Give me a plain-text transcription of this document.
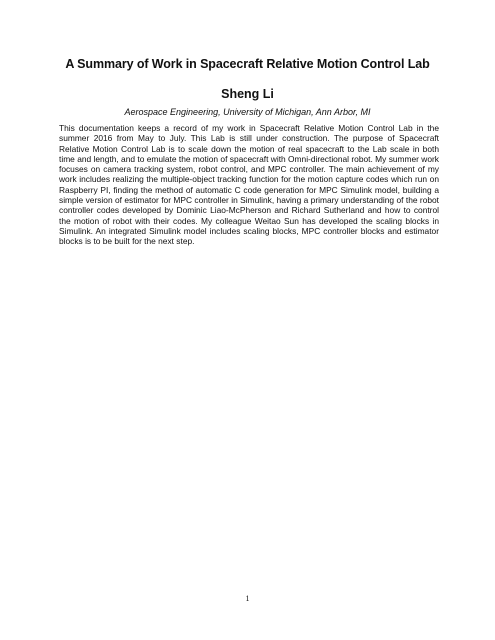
A Summary of Work in Spacecraft Relative Motion Control Lab
Sheng Li
Aerospace Engineering, University of Michigan, Ann Arbor, MI

This documentation keeps a record of my work in Spacecraft Relative Motion Control Lab in the summer 2016 from May to July. This Lab is still under construction. The purpose of Spacecraft Relative Motion Control Lab is to scale down the motion of real spacecraft to the Lab scale in both time and length, and to emulate the motion of spacecraft with Omni-directional robot. My summer work focuses on camera tracking system, robot control, and MPC controller. The main achievement of my work includes realizing the multiple-object tracking function for the motion capture codes which run on Raspberry PI, finding the method of automatic C code generation for MPC Simulink model, building a simple version of estimator for MPC controller in Simulink, having a primary understanding of the robot controller codes developed by Dominic Liao-McPherson and Richard Sutherland and how to control the motion of robot with their codes. My colleague Weitao Sun has developed the scaling blocks in Simulink. An integrated Simulink model includes scaling blocks, MPC controller blocks and estimator blocks is to be built for the next step.

1
